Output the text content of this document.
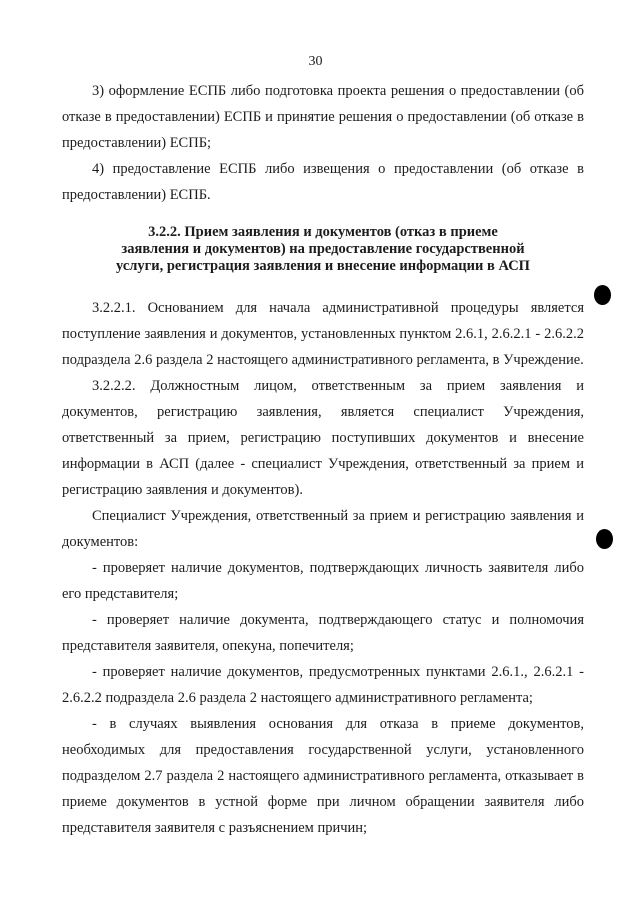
30

3) оформление ЕСПБ либо подготовка проекта решения о предоставлении (об отказе в предоставлении) ЕСПБ и принятие решения о предоставлении (об отказе в предоставлении) ЕСПБ;

4) предоставление ЕСПБ либо извещения о предоставлении (об отказе в предоставлении) ЕСПБ.

3.2.2. Прием заявления и документов (отказ в приеме
заявления и документов) на предоставление государственной
услуги, регистрация заявления и внесение информации в АСП

3.2.2.1. Основанием для начала административной процедуры является поступление заявления и документов, установленных пунктом 2.6.1, 2.6.2.1 - 2.6.2.2 подраздела 2.6 раздела 2 настоящего административного регламента, в Учреждение.

3.2.2.2. Должностным лицом, ответственным за прием заявления и документов, регистрацию заявления, является специалист Учреждения, ответственный за прием, регистрацию поступивших документов и внесение информации в АСП (далее - специалист Учреждения, ответственный за прием и регистрацию заявления и документов).

Специалист Учреждения, ответственный за прием и регистрацию заявления и документов:

- проверяет наличие документов, подтверждающих личность заявителя либо его представителя;

- проверяет наличие документа, подтверждающего статус и полномочия представителя заявителя, опекуна, попечителя;

- проверяет наличие документов, предусмотренных пунктами 2.6.1., 2.6.2.1 - 2.6.2.2 подраздела 2.6 раздела 2 настоящего административного регламента;

- в случаях выявления основания для отказа в приеме документов, необходимых для предоставления государственной услуги, установленного подразделом 2.7 раздела 2 настоящего административного регламента, отказывает в приеме документов в устной форме при личном обращении заявителя либо представителя заявителя с разъяснением причин;
